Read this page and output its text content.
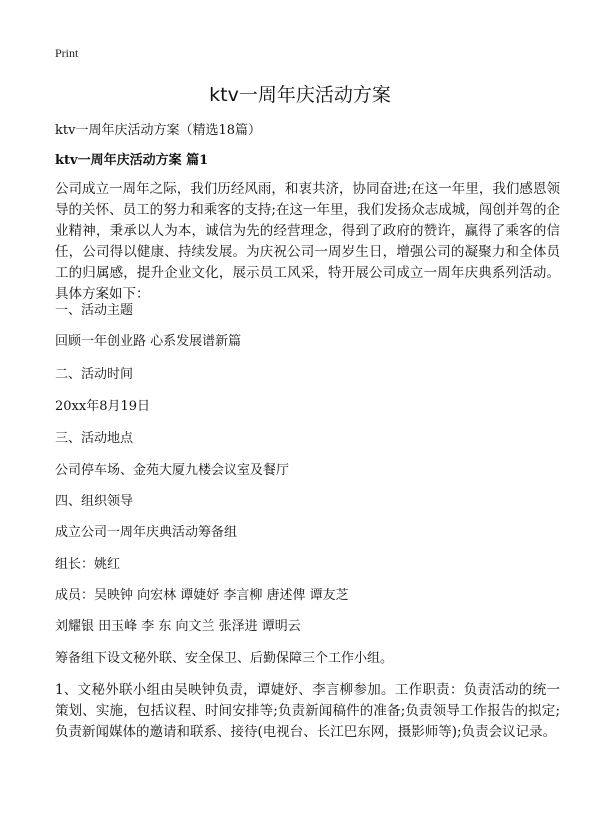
Print
ktv一周年庆活动方案
ktv一周年庆活动方案（精选18篇）
ktv一周年庆活动方案 篇1
公司成立一周年之际，我们历经风雨，和衷共济，协同奋进;在这一年里，我们感恩领导的关怀、员工的努力和乘客的支持;在这一年里，我们发扬众志成城，闯创并驾的企业精神，秉承以人为本，诚信为先的经营理念，得到了政府的赞许，赢得了乘客的信任，公司得以健康、持续发展。为庆祝公司一周岁生日，增强公司的凝聚力和全体员工的归属感，提升企业文化，展示员工风采，特开展公司成立一周年庆典系列活动。具体方案如下：
一、活动主题
回顾一年创业路 心系发展谱新篇
二、活动时间
20xx年8月19日
三、活动地点
公司停车场、金苑大厦九楼会议室及餐厅
四、组织领导
成立公司一周年庆典活动筹备组
组长：姚红
成员：吴映钟 向宏林 谭婕妤 李言柳 唐述俾 谭友芝
刘耀银 田玉峰 李 东 向文兰 张泽进 谭明云
筹备组下设文秘外联、安全保卫、后勤保障三个工作小组。
1、文秘外联小组由吴映钟负责，谭婕妤、李言柳参加。工作职责：负责活动的统一策划、实施，包括议程、时间安排等;负责新闻稿件的准备;负责领导工作报告的拟定;负责新闻媒体的邀请和联系、接待(电视台、长江巴东网，摄影师等);负责会议记录。
